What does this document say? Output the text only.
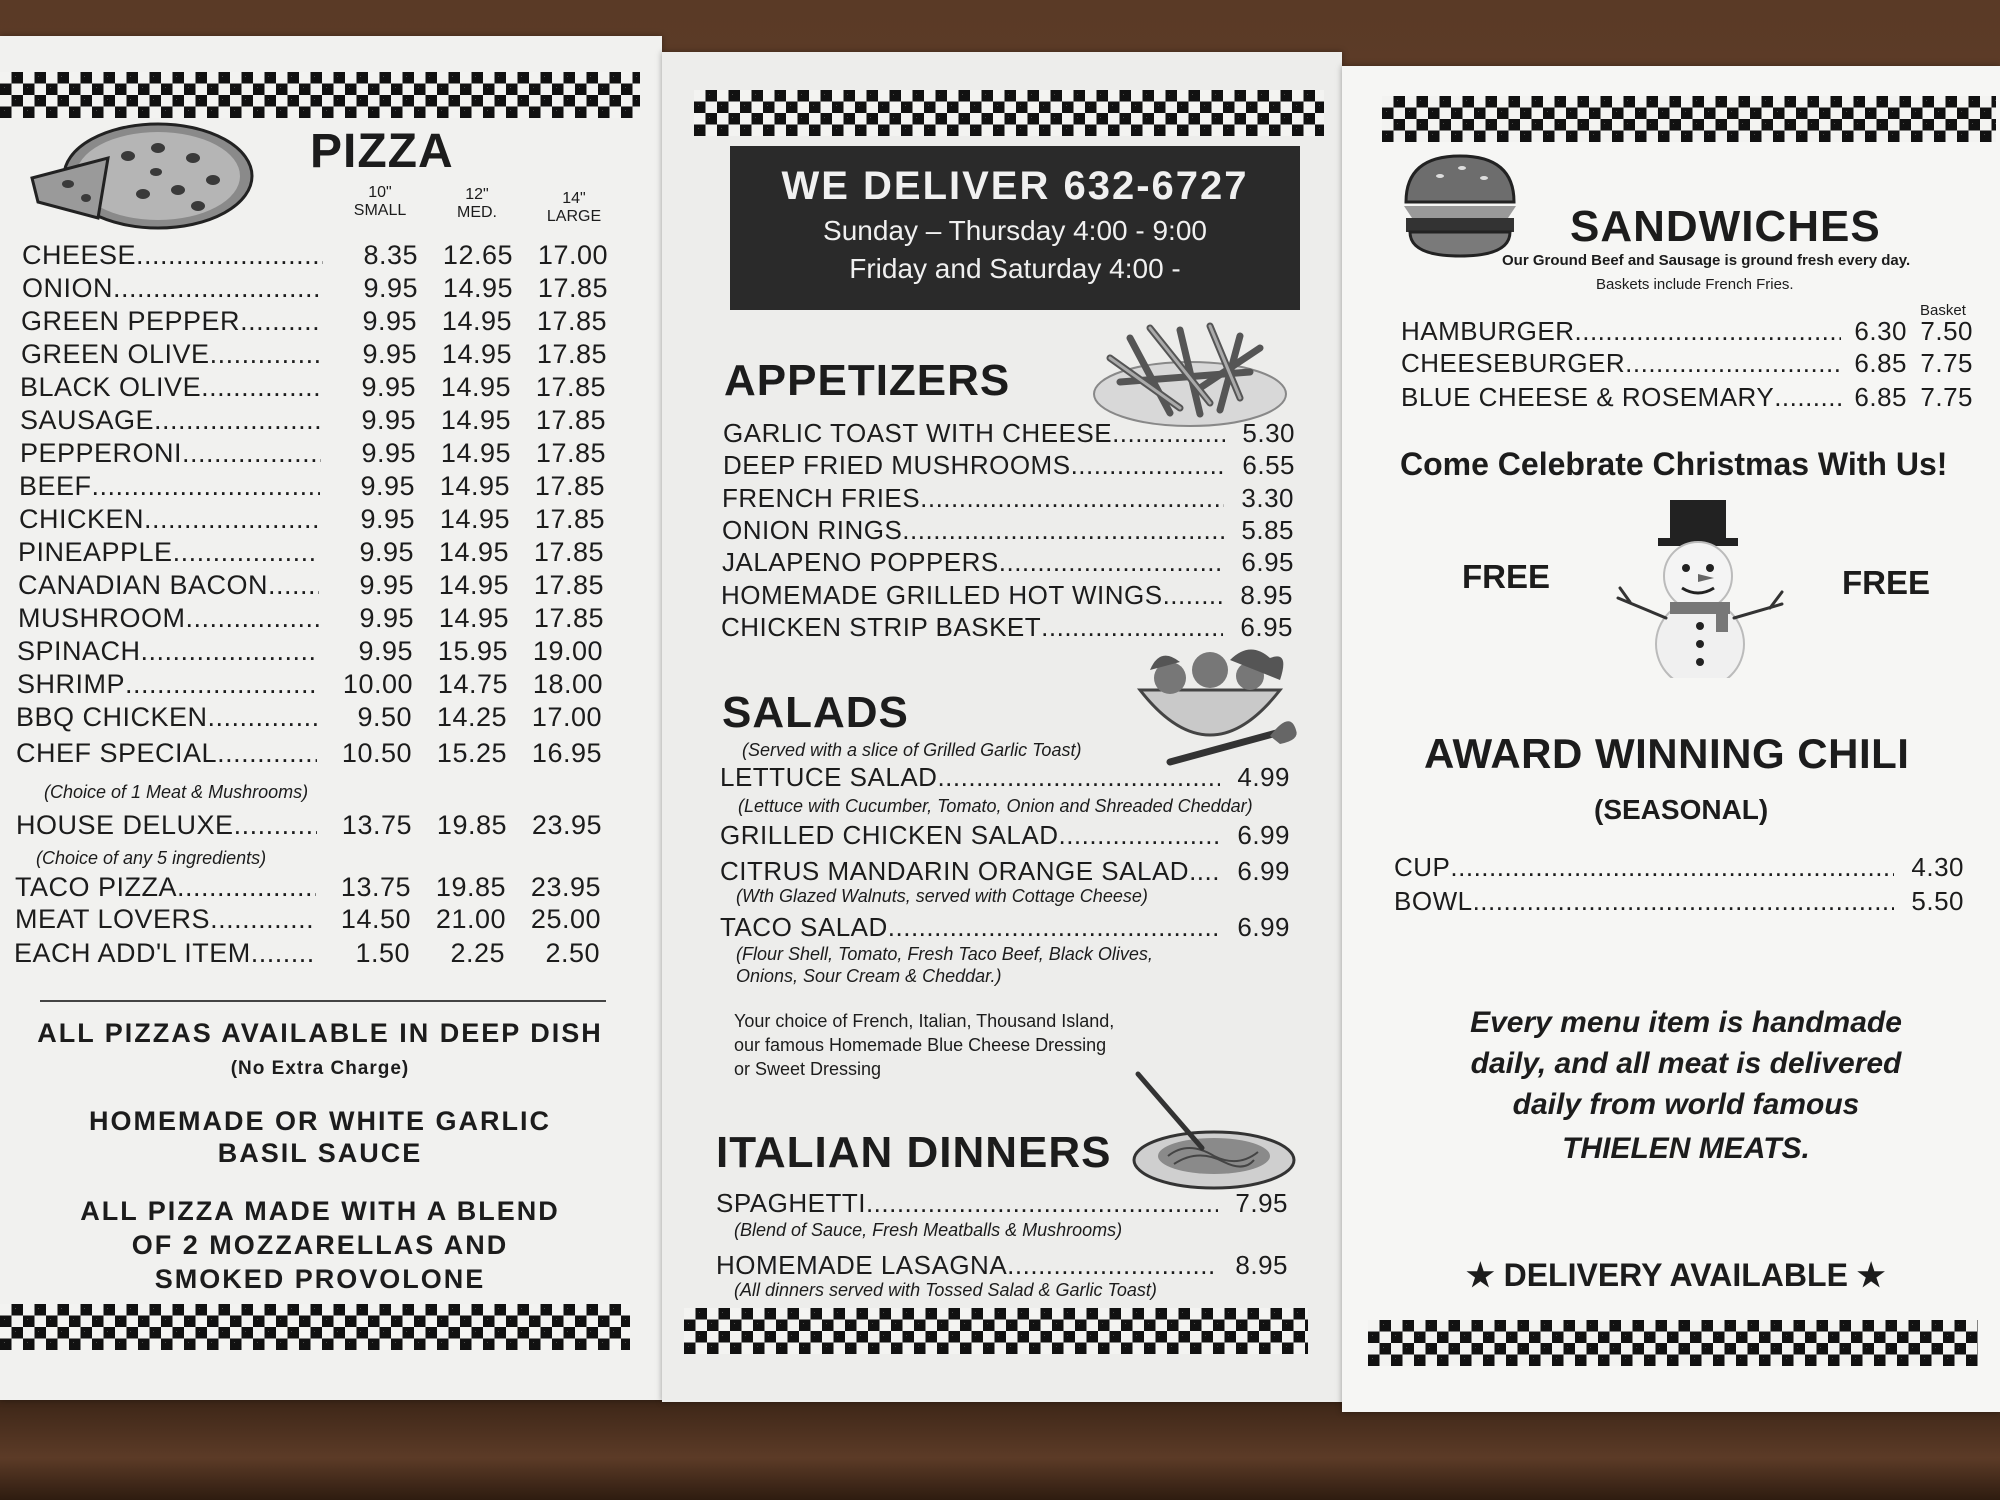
PIZZA
10"
SMALL
12"
MED.
14"
LARGE
CHEESE .....	8.35 12.65 17.00
ONION .....	9.95 14.95 17.85
GREEN PEPPER .....	9.95 14.95 17.85
GREEN OLIVE .....	9.95 14.95 17.85
BLACK OLIVE .....	9.95 14.95 17.85
SAUSAGE .....	9.95 14.95 17.85
PEPPERONI .....	9.95 14.95 17.85
BEEF .....	9.95 14.95 17.85
CHICKEN .....	9.95 14.95 17.85
PINEAPPLE .....	9.95 14.95 17.85
CANADIAN BACON .....	9.95 14.95 17.85
MUSHROOM .....	9.95 14.95 17.85
SPINACH .....	9.95 15.95 19.00
SHRIMP .....	10.00 14.75 18.00
BBQ CHICKEN .....	9.50 14.25 17.00
CHEF SPECIAL .....	10.50 15.25 16.95
HOUSE DELUXE .....	13.75 19.85 23.95
TACO PIZZA .....	13.75 19.85 23.95
MEAT LOVERS .....	14.50 21.00 25.00
EACH ADD'L ITEM .....	1.50	2.25	2.50
(Choice of 1 Meat & Mushrooms)
(Choice of any 5 ingredients)
ALL PIZZAS AVAILABLE IN DEEP DISH
(No Extra Charge)
HOMEMADE OR WHITE GARLIC
BASIL SAUCE
ALL PIZZA MADE WITH A BLEND
OF 2 MOZZARELLAS AND
SMOKED PROVOLONE
WE DELIVER 632-6727
Sunday – Thursday 4:00 - 9:00
Friday and Saturday 4:00 -
APPETIZERS
GARLIC TOAST WITH CHEESE .....	5.30
DEEP FRIED MUSHROOMS .....	6.55
FRENCH FRIES .....	3.30
ONION RINGS .....	5.85
JALAPENO POPPERS .....	6.95
HOMEMADE GRILLED HOT WINGS .....	8.95
CHICKEN STRIP BASKET .....	6.95
SALADS
(Served with a slice of Grilled Garlic Toast)
LETTUCE SALAD .....	4.99
(Lettuce with Cucumber, Tomato, Onion and Shreaded Cheddar)
GRILLED CHICKEN SALAD .....	6.99
CITRUS MANDARIN ORANGE SALAD .....	6.99
(Wth Glazed Walnuts, served with Cottage Cheese)
TACO SALAD .....	6.99
(Flour Shell, Tomato, Fresh Taco Beef, Black Olives,
Onions, Sour Cream & Cheddar.)
Your choice of French, Italian, Thousand Island,
our famous Homemade Blue Cheese Dressing
or Sweet Dressing
ITALIAN DINNERS
SPAGHETTI .....	7.95
(Blend of Sauce, Fresh Meatballs & Mushrooms)
HOMEMADE LASAGNA .....	8.95
(All dinners served with Tossed Salad & Garlic Toast)
SANDWICHES
Our Ground Beef and Sausage is ground fresh every day.
Baskets include French Fries.
Basket
HAMBURGER .....	6.30 7.50
CHEESEBURGER .....	6.85 7.75
BLUE CHEESE & ROSEMARY .....	6.85 7.75
Come Celebrate Christmas With Us!
FREE	FREE
AWARD WINNING CHILI
(SEASONAL)
CUP .....	4.30
BOWL .....	5.50
Every menu item is handmade
daily, and all meat is delivered
daily from world famous
THIELEN MEATS.
★ DELIVERY AVAILABLE ★
